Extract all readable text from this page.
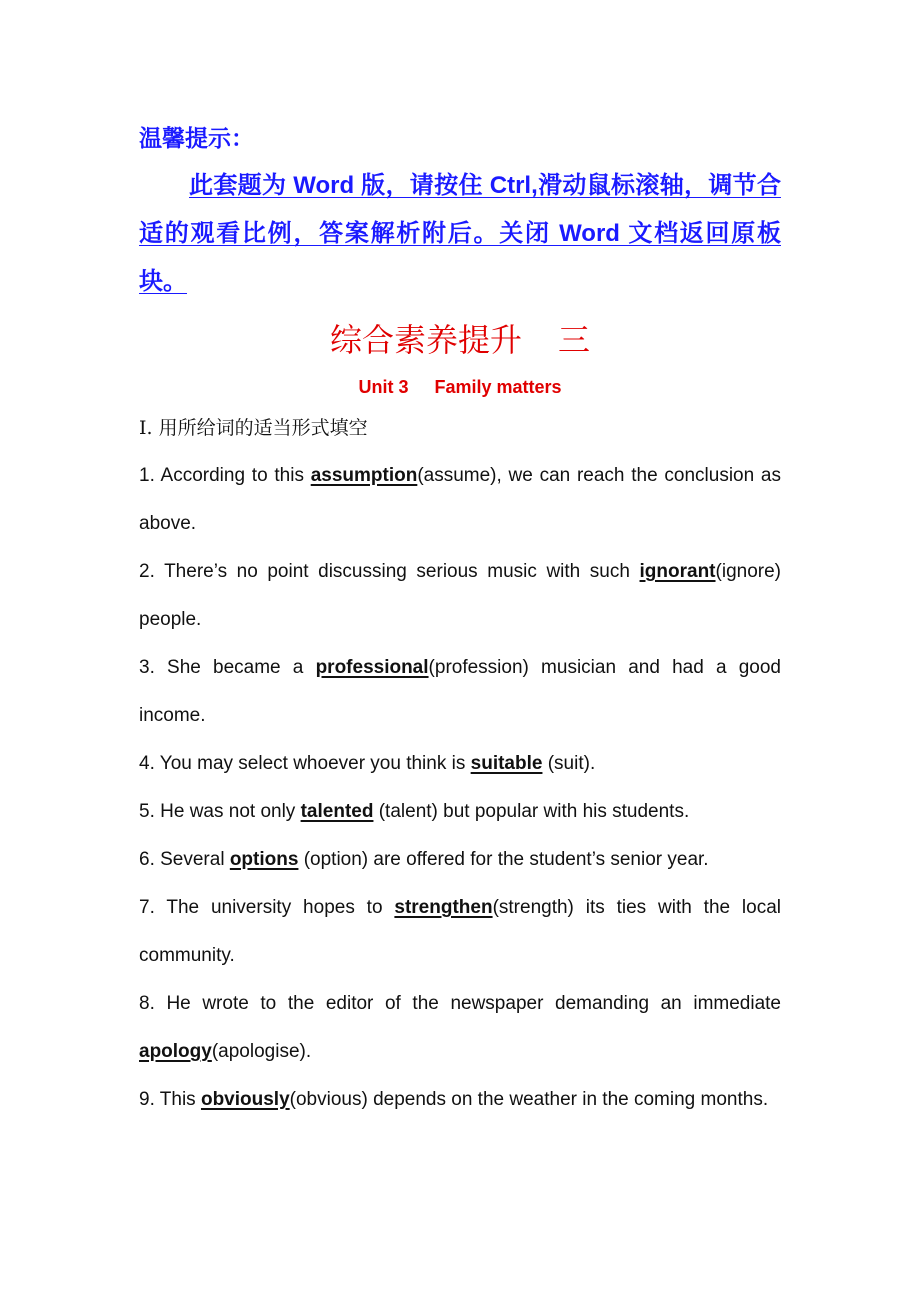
温馨提示：
此套题为 Word 版，请按住 Ctrl,滑动鼠标滚轴，调节合适的观看比例，答案解析附后。关闭 Word 文档返回原板块。
综合素养提升 三
Unit 3 Family matters
Ⅰ. 用所给词的适当形式填空
1. According to this assumption(assume), we can reach the conclusion as above.
2. There’s no point discussing serious music with such ignorant(ignore) people.
3. She became a professional(profession) musician and had a good income.
4. You may select whoever you think is suitable (suit).
5. He was not only talented (talent) but popular with his students.
6. Several options (option) are offered for the student’s senior year.
7. The university hopes to strengthen(strength) its ties with the local community.
8. He wrote to the editor of the newspaper demanding an immediate apology(apologise).
9. This obviously(obvious) depends on the weather in the coming months.
